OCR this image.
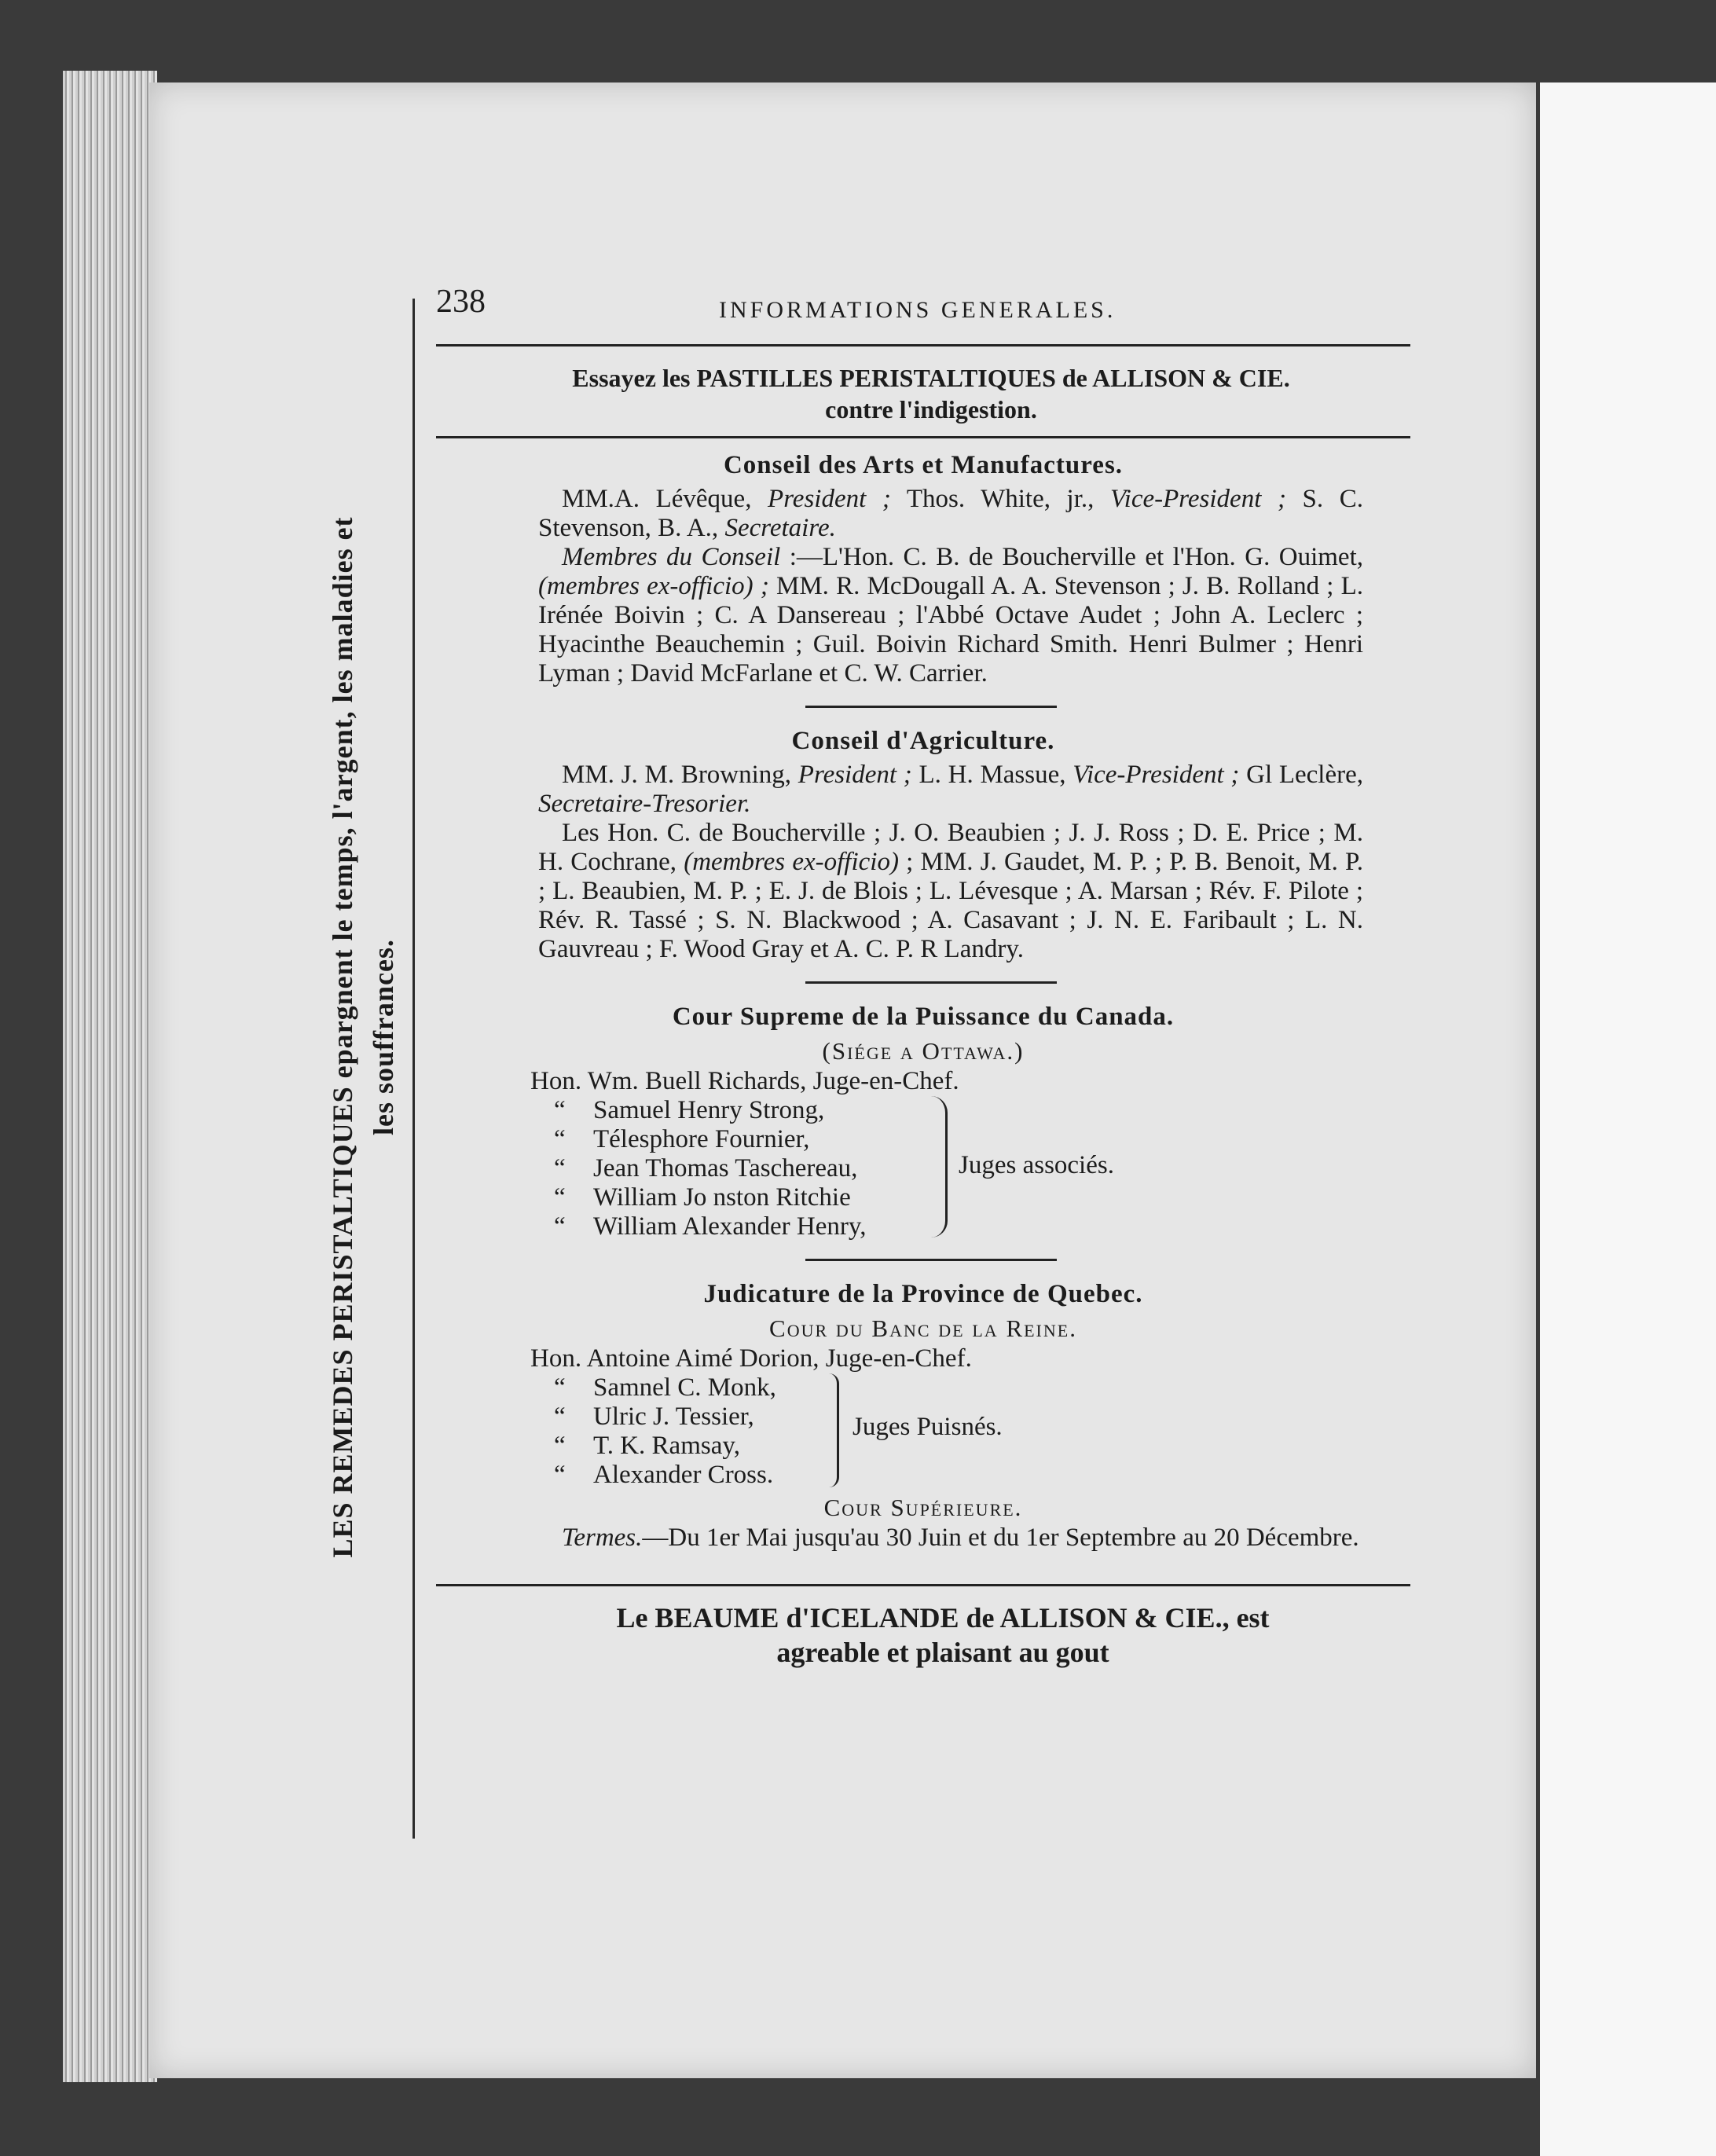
LES REMEDES PERISTALTIQUES epargnent le temps, l'argent, les maladies et les souffrances.
238	INFORMATIONS GENERALES.
Essayez les PASTILLES PERISTALTIQUES de ALLISON & CIE.
contre l'indigestion.
Conseil des Arts et Manufactures.
MM.A. Lévêque, President ; Thos. White, jr., Vice-President ; S. C. Stevenson, B. A., Secretaire.
Membres du Conseil :—L'Hon. C. B. de Boucherville et l'Hon. G. Ouimet, (membres ex-officio) ; MM. R. McDougall A. A. Stevenson ; J. B. Rolland ; L. Irénée Boivin ; C. A Dansereau ; l'Abbé Octave Audet ; John A. Leclerc ; Hyacinthe Beauchemin ; Guil. Boivin Richard Smith. Henri Bulmer ; Henri Lyman ; David McFarlane et C. W. Carrier.
Conseil d'Agriculture.
MM. J. M. Browning, President ; L. H. Massue, Vice-President ; Gl Leclère, Secretaire-Tresorier.
Les Hon. C. de Boucherville ; J. O. Beaubien ; J. J. Ross ; D. E. Price ; M. H. Cochrane, (membres ex-officio) ; MM. J. Gaudet, M. P. ; P. B. Benoit, M. P. ; L. Beaubien, M. P. ; E. J. de Blois ; L. Lévesque ; A. Marsan ; Rév. F. Pilote ; Rév. R. Tassé ; S. N. Blackwood ; A. Casavant ; J. N. E. Faribault ; L. N. Gauvreau ; F. Wood Gray et A. C. P. R Landry.
Cour Supreme de la Puissance du Canada.
(Siége a Ottawa.)
Hon. Wm. Buell Richards, Juge-en-Chef.
“ Samuel Henry Strong,
“ Télesphore Fournier,
“ Jean Thomas Taschereau,
“ William Jo nston Ritchie
“ William Alexander Henry,
Juges associés.
Judicature de la Province de Quebec.
Cour du Banc de la Reine.
Hon. Antoine Aimé Dorion, Juge-en-Chef.
“ Samnel C. Monk,
“ Ulric J. Tessier,
“ T. K. Ramsay,
“ Alexander Cross.
Juges Puisnés.
Cour Supérieure.
Termes.—Du 1er Mai jusqu'au 30 Juin et du 1er Septembre au 20 Décembre.
Le BEAUME d'ICELANDE de ALLISON & CIE., est
agreable et plaisant au gout
